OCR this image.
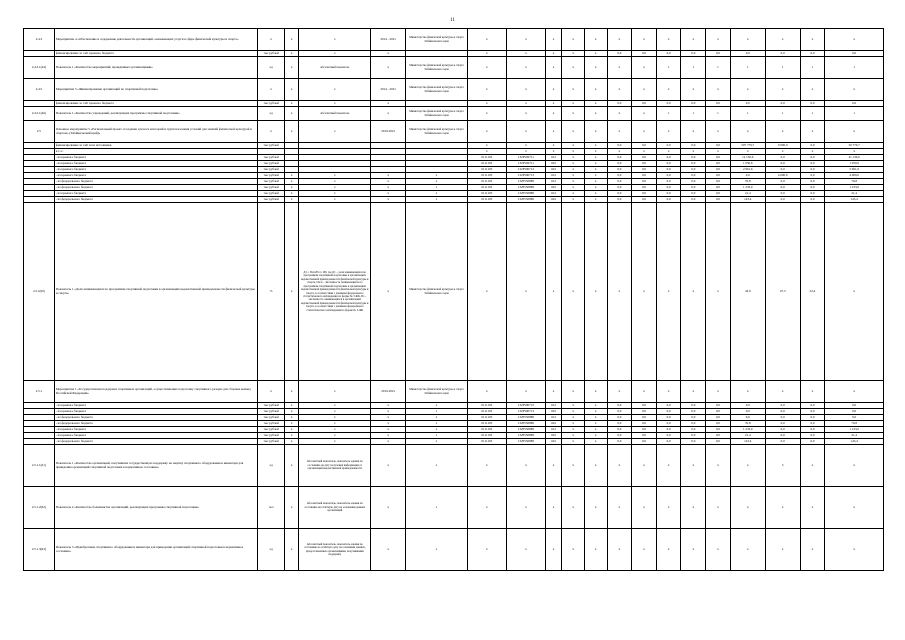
11
2.4.3	Мероприятие 4 «Обеспечение и содержание деятельности организаций, оказывающих услуги в сфере физической культуры и спорта»	х	х	х	2014 - 2021	Министерство физической культуры и спорта Забайкальского края	х	х	х	х	х	х	х	х	х	х	х	х	х	х
	финансирование за счёт краевого бюджета	тыс рублей	х	х	х		х	х	х	х	х	0,0	0,0	0,0	0,0	0,0	0,0	0,0	0,0	0,0
2.4.3.1(44)	Показатель 1 «Количество мероприятий, проведённых организациями»	ед	х	Абсолютный показатель	х	Министерство физической культуры и спорта Забайкальского края	х	х	х	х	х	х	х	1	1	1	1	1	1	1
2.4.5	Мероприятие 5 «Финансирование организаций по спортивной подготовке»	х	х	х	2014 - 2021	Министерство физической культуры и спорта Забайкальского края	х	х	х	х	х	х	х	х	х	х	х	х	х	х
	финансирование за счёт краевого бюджета	тыс рублей	х	х	х		х	х	х	х	х	0,0	0,0	0,0	0,0	0,0	0,0	0,0	0,0	0,0
2.4.5.1(46)	Показатель 1 «Количество учреждений, реализующих программы спортивной подготовки»	ед	х	Абсолютный показатель	х	Министерство физической культуры и спорта Забайкальского края	х	х	х	х	х	х	х	1	1	1	1	1	1	1
2.5	Основное мероприятие 5 «Региональный проект «Создание для всех категорий и групп населения условий для занятий физической культурой и спортом» (Забайкальский край)»	х	х	х	2019-2021	Министерство физической культуры и спорта Забайкальского края	х	х	х	х	х	х	х	х	х	х	х	х	х	х
	финансирование за счёт всех источников	тыс рублей					х	х	х	х	х	0,0	0,0	0,0	0,0	0,0	507 779,7	0 000,0	0,0	50 779,7
	в т.ч.:						х	х	х	х	х	х	х	х	х	х	х	х	х	х
	- из краевого бюджета	тыс рублей					0111103	132Р500711	612	х	х	0,0	0,0	0,0	0,0	0,0	12 130,6	0,0	0,0	21 130,6
	- из краевого бюджета	тыс рублей					0111103	132Р500711	622	х	х	0,0	0,0	0,0	0,0	0,0	1 050,6	0,0	0,0	1 050,6
	- из краевого бюджета	тыс рублей					0111103	132Р500712	622	х	х	0,0	0,0	0,0	0,0	0,0	2 961,6	0,0	0,0	2 961,6
	- из краевого бюджета	тыс рублей	х	х	х	х	0111103	132Р500713	612	х	х	0,0	0,0	0,0	0,0	0,0	0,0	4 000,0	0,0	4 000,0
	- из федерального бюджета	тыс рублей	х	х	х	х	0111103	132Р5508Ю	612	х	х	0,0	0,0	0,0	0,0	0,0	76,8	0,0	0,0	76,8
	- из федерального бюджета	тыс рублей	х	х	х	х	0111103	132Р5508Ю	622	х	х	0,0	0,0	0,0	0,0	0,0	1 233,0	0,0	0,0	1 233,0
	- из краевого бюджета	тыс рублей	х	х	х	х	0111103	132Р5508Ю	612	х	х	0,0	0,0	0,0	0,0	0,0	21,4	0,0	0,0	21,4
	- из федерального бюджета	тыс рублей	х	х	х	х	0111103	132Р5508Ю	622	х	х	0,0	0,0	0,0	0,0	0,0	143,4	0,0	0,0	143,4
2.5.1(60)	Показатель 1 «Доля занимающихся по программам спортивной подготовки в организациях ведомственной принадлежности физической культуры и спорта»	%	х	Д1 = Пзсп/Пз x 100, где Д1 – доля занимающихся по программам спортивной подготовки в организациях ведомственной принадлежности физической культуры и спорта, Пзсп – численность занимающихся по программам спортивной подготовки в организациях ведомственной принадлежности физической культуры и спорта, в соответствии с данными федерального статистического наблюдения по форме № 5-ФК, Пз – численность занимающихся в организациях ведомственной принадлежности физической культуры и спорта, в соответствии с данными федерального статистического наблюдения по форме № 5-ФК	х	Министерство физической культуры и спорта Забайкальского края	х	х	х	х	х	х	х	х	х	х	43,9	47,3	52,4	х
2.5.1	Мероприятие 1 «Государственная поддержка спортивных организаций, осуществляющих подготовку спортивного резерва для сборных команд Российской Федерации»	х	х	х	2019-2021	Министерство физической культуры и спорта Забайкальского края	х	х	х	х	х	х	х	х	х	х	х	х	х	х
	- из краевого бюджета	тыс рублей	х	х	х	х	0111103	132Р500712	612	х	х	0,0	0,0	0,0	0,0	0,0	0,0	0,0	0,0	0,0
	- из краевого бюджета	тыс рублей	х	х	х	х	0111103	132Р500713	622	х	х	0,0	0,0	0,0	0,0	0,0	0,0	0,0	0,0	0,0
	- из федерального бюджета	тыс рублей	х	х	х	х	0111103	132Р5508Ю	612	х	х	0,0	0,0	0,0	0,0	0,0	0,0	0,0	0,0	0,0
	- из федерального бюджета	тыс рублей	х	х	х	х	0111103	132Р5508Ю	622	х	х	0,0	0,0	0,0	0,0	0,0	76,8	0,0	0,0	76,8
	- из краевого бюджета	тыс рублей	х	х	х	х	0111103	132Р5508Ю	612	х	х	0,0	0,0	0,0	0,0	0,0	1 233,0	0,0	0,0	1 233,0
	- из краевого бюджета	тыс рублей	х	х	х	х	0111103	132Р5508Ю	622	х	х	0,0	0,0	0,0	0,0	0,0	21,4	0,0	0,0	21,4
	- из федерального бюджета	тыс рублей	х	х	х	х	0111103	132Р5508Ю	622	х	х	0,0	0,0	0,0	0,0	0,0	143,4	0,0	0,0	143,4
2.5.1.1(61)	Показатель 1 «Количество организаций, получивших государственную поддержку на закупку спортивного оборудования и инвентаря для приведения организаций спортивной подготовки в нормативное состояние»	ед	х	Абсолютный показатель, показатель оценки по состоянию на дату получения информации от организаций ведомственной принадлежности	х	х	х	х	х	х	х	х	х	х	х	х	х	5	х	х
2.5.1.2(62)	Показатель 2 «Количество большинства организаций, реализующих программы спортивной подготовки»	чел	х	Абсолютный показатель, показатель оценки по состоянию на отчётную дату на основании данных организаций	х	х	х	х	х	х	х	х	х	х	х	х	х	х	х	х
2.5.1.3(63)	Показатель 3 «Приобретение спортивного оборудования и инвентаря для приведения организаций спортивной подготовки в нормативное состояние»	ед	х	Абсолютный показатель, показатель оценки по состоянию на отчётную дату на основании данных, предоставленных организациями, получившими поддержку	х	х	х	х	х	х	х	х	х	х	х	х	х	х	х	х
